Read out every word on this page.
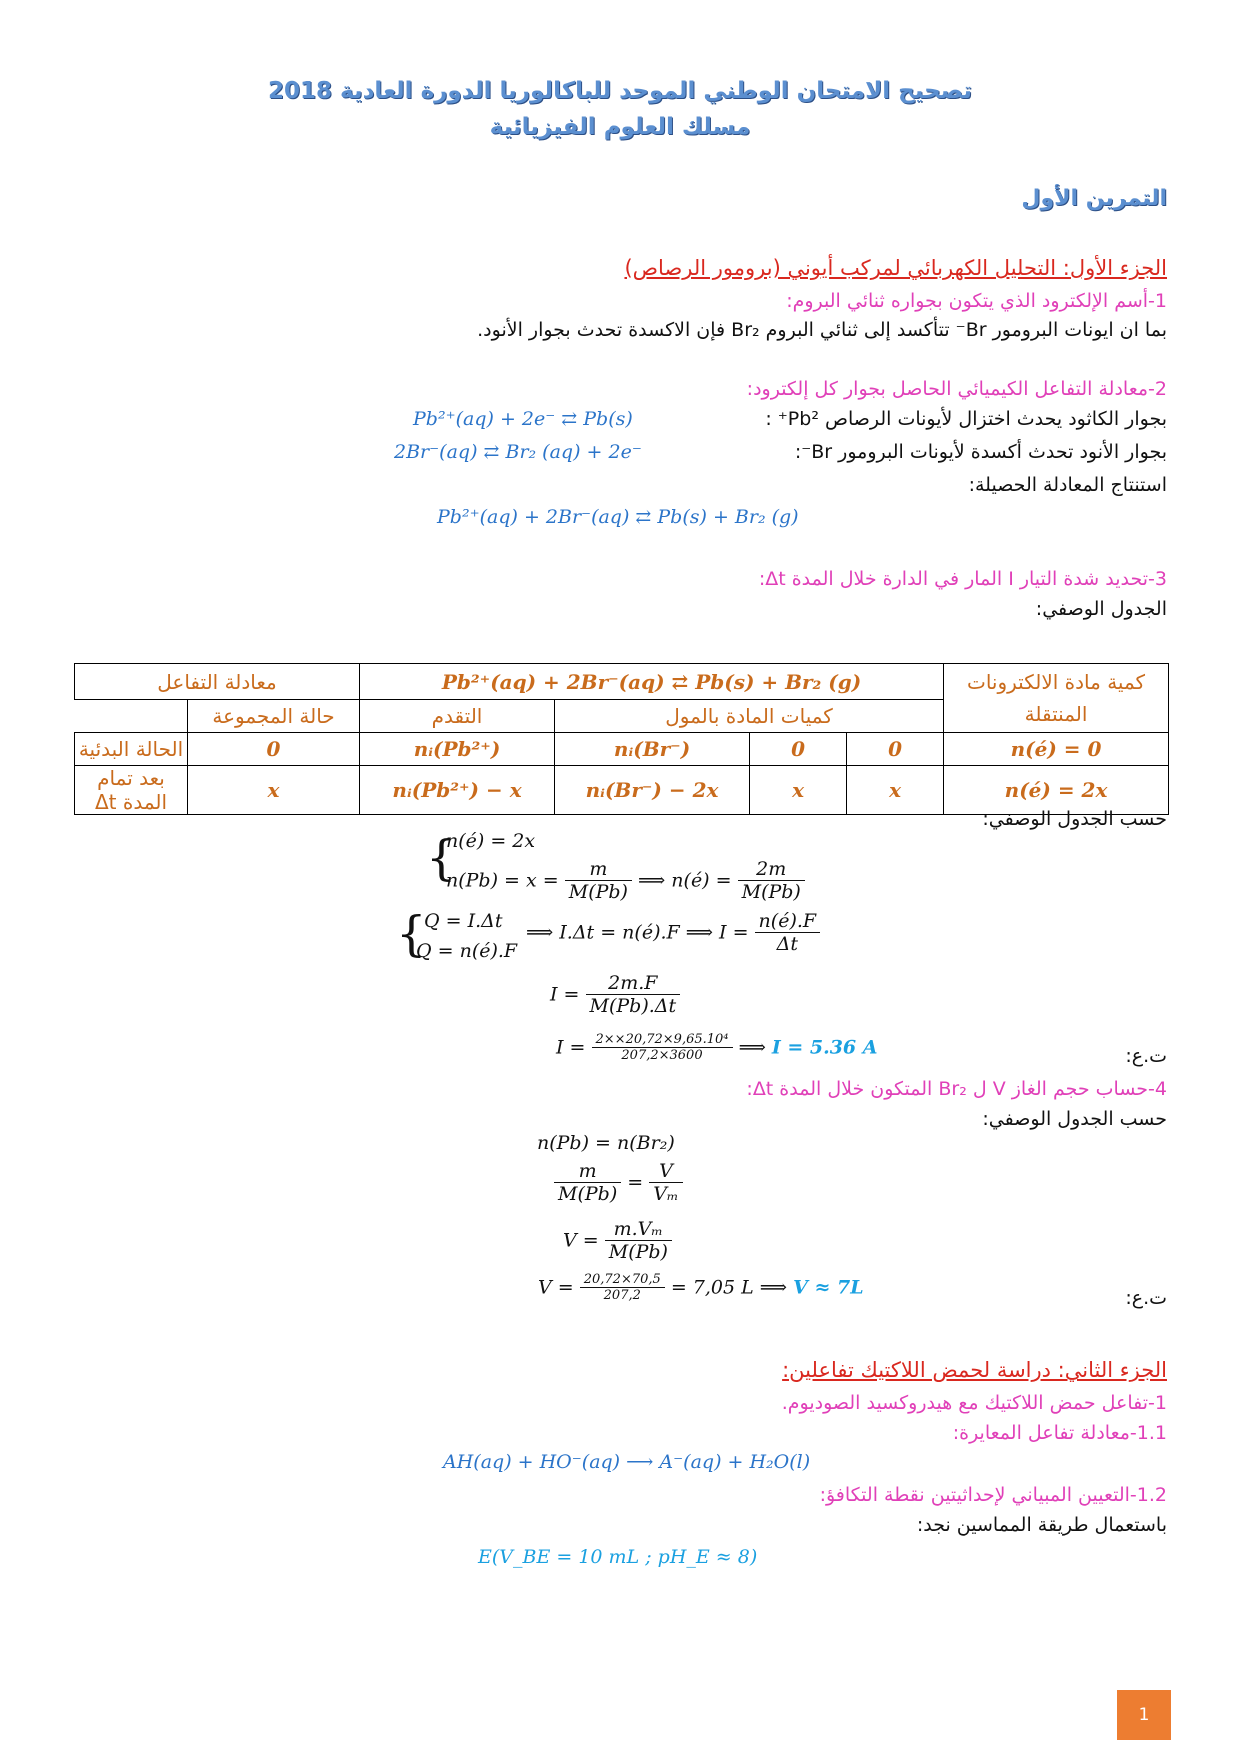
تصحيح الامتحان الوطني الموحد للباكالوريا الدورة العادية 2018
مسلك العلوم الفيزيائية
التمرين الأول
الجزء الأول: التحليل الكهربائي لمركب أيوني (برومور الرصاص)
1-أسم الإلكترود الذي يتكون بجواره ثنائي البروم:
بما ان ايونات البرومور Br⁻ تتأكسد إلى ثنائي البروم Br₂ فإن الاكسدة تحدث بجوار الأنود.
2-معادلة التفاعل الكيميائي الحاصل بجوار كل إلكترود:
بجوار الكاثود يحدث اختزال لأيونات الرصاص Pb²⁺ :
Pb²⁺(aq) + 2e⁻ ⇄ Pb(s)
بجوار الأنود تحدث أكسدة لأيونات البرومور Br⁻:
2Br⁻(aq) ⇄ Br₂ (aq) + 2e⁻
استنتاج المعادلة الحصيلة:
Pb²⁺(aq) + 2Br⁻(aq) ⇄ Pb(s) + Br₂ (g)
3-تحديد شدة التيار I المار في الدارة خلال المدة Δt:
الجدول الوصفي:
كمية مادة الالكترونات المنتقلة	Pb²⁺(aq) + 2Br⁻(aq) ⇄ Pb(s) + Br₂ (g)				معادلة التفاعل	
	كميات المادة بالمول			التقدم	حالة المجموعة	
n(é) = 0	0	0	nᵢ(Br⁻)	nᵢ(Pb²⁺)	0	الحالة البدئية
n(é) = 2x	x	x	nᵢ(Br⁻) − 2x	nᵢ(Pb²⁺) − x	x	بعد تمام المدة Δt
حسب الجدول الوصفي:
{
n(é) = 2x
$n(Pb) = x = \frac{m}{M(Pb)}$ ⟹ n(é) = $\frac{2m}{M(Pb)}$
{
Q = I.Δt
Q = n(é).F
⟹ I.Δt = n(é).F ⟹ $I = \frac{n(é).F}{\Delta t}$
$I = \frac{2m.F}{M(Pb).\Delta t}$
ت.ع:
$I = \frac{\text{2××20,72×9,65.10⁴}}{207,2\times 3600}$ ⟹ I = 5.36 A
4-حساب حجم الغاز V ل Br₂ المتكون خلال المدة Δt:
حسب الجدول الوصفي:
n(Pb) = n(Br₂)
$\frac{m}{M(Pb)} = \frac{V}{\text{Vₘ}}$
$V = \frac{\text{m.Vₘ}}{M(Pb)}$
ت.ع:
$V = \frac{20,72\times 70,5}{207,2} = 7,05$ L ⟹ V ≈ 7L
الجزء الثاني: دراسة لحمض اللاكتيك تفاعلين:
1-تفاعل حمض اللاكتيك مع هيدروكسيد الصوديوم.
1.1-معادلة تفاعل المعايرة:
AH(aq) + HO⁻(aq) ⟶ A⁻(aq) + H₂O(l)
1.2-التعيين المبياني لإحداثيتين نقطة التكافؤ:
باستعمال طريقة المماسين نجد:
E(V_BE = 10 mL ; pH_E ≈ 8)
1
